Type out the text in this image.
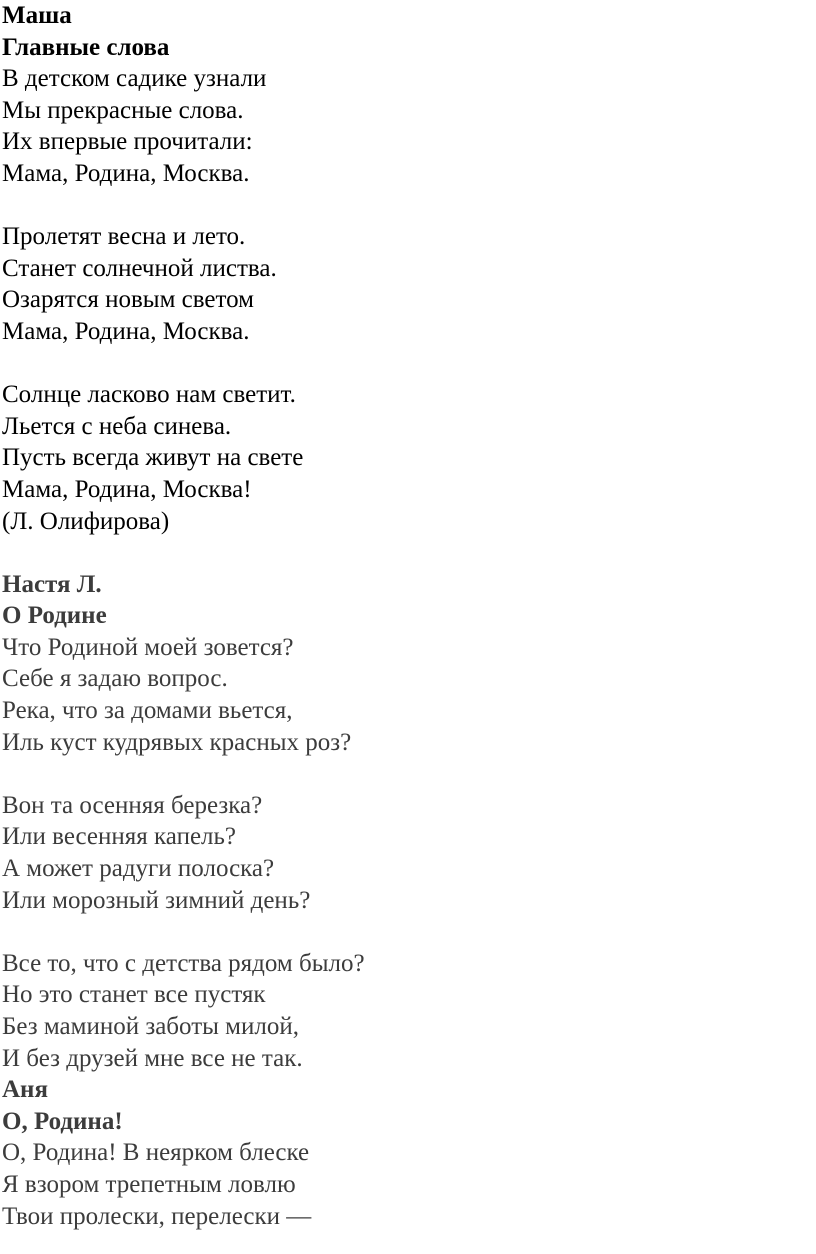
Маша
Главные слова
В детском садике узнали
Мы прекрасные слова.
Их впервые прочитали:
Мама, Родина, Москва.
Пролетят весна и лето.
Станет солнечной листва.
Озарятся новым светом
Мама, Родина, Москва.
Солнце ласково нам светит.
Льется с неба синева.
Пусть всегда живут на свете
Мама, Родина, Москва!
(Л. Олифирова)
Настя Л.
О Родине
Что Родиной моей зовется?
Себе я задаю вопрос.
Река, что за домами вьется,
Иль куст кудрявых красных роз?
Вон та осенняя березка?
Или весенняя капель?
А может радуги полоска?
Или морозный зимний день?
Все то, что с детства рядом было?
Но это станет все пустяк
Без маминой заботы милой,
И без друзей мне все не так.
Аня
О, Родина!
О, Родина! В неярком блеске
Я взором трепетным ловлю
Твои пролески, перелески —
